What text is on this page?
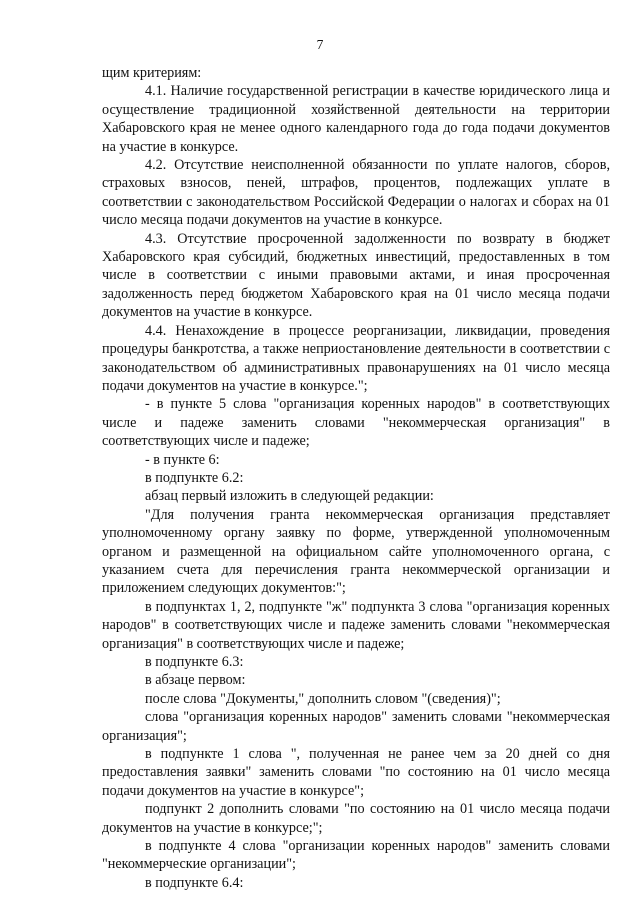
7

щим критериям:

4.1. Наличие государственной регистрации в качестве юридического лица и осуществление традиционной хозяйственной деятельности на территории Хабаровского края не менее одного календарного года до года подачи документов на участие в конкурсе.

4.2. Отсутствие неисполненной обязанности по уплате налогов, сборов, страховых взносов, пеней, штрафов, процентов, подлежащих уплате в соответствии с законодательством Российской Федерации о налогах и сборах на 01 число месяца подачи документов на участие в конкурсе.

4.3. Отсутствие просроченной задолженности по возврату в бюджет Хабаровского края субсидий, бюджетных инвестиций, предоставленных в том числе в соответствии с иными правовыми актами, и иная просроченная задолженность перед бюджетом Хабаровского края на 01 число месяца подачи документов на участие в конкурсе.

4.4. Ненахождение в процессе реорганизации, ликвидации, проведения процедуры банкротства, а также неприостановление деятельности в соответствии с законодательством об административных правонарушениях на 01 число месяца подачи документов на участие в конкурсе.";

- в пункте 5 слова "организация коренных народов" в соответствующих числе и падеже заменить словами "некоммерческая организация" в соответствующих числе и падеже;

- в пункте 6:

в подпункте 6.2:

абзац первый изложить в следующей редакции:

"Для получения гранта некоммерческая организация представляет уполномоченному органу заявку по форме, утвержденной уполномоченным органом и размещенной на официальном сайте уполномоченного органа, с указанием счета для перечисления гранта некоммерческой организации и приложением следующих документов:";

в подпунктах 1, 2, подпункте "ж" подпункта 3 слова "организация коренных народов" в соответствующих числе и падеже заменить словами "некоммерческая организация" в соответствующих числе и падеже;

в подпункте 6.3:

в абзаце первом:

после слова "Документы," дополнить словом "(сведения)";

слова "организация коренных народов" заменить словами "некоммерческая организация";

в подпункте 1 слова ", полученная не ранее чем за 20 дней со дня предоставления заявки" заменить словами "по состоянию на 01 число месяца подачи документов на участие в конкурсе";

подпункт 2 дополнить словами "по состоянию на 01 число месяца подачи документов на участие в конкурсе;";

в подпункте 4 слова "организации коренных народов" заменить словами "некоммерческие организации";

в подпункте 6.4:
